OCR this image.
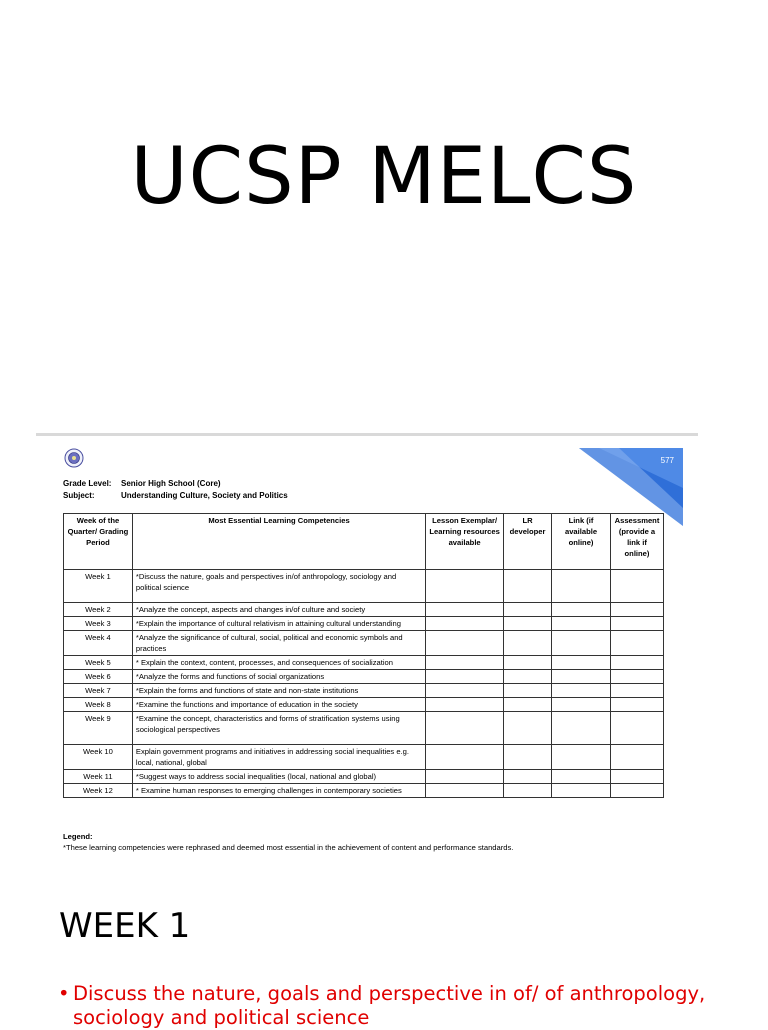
UCSP MELCS
577
Grade Level: Senior High School (Core)
Subject:	Understanding Culture, Society and Politics
Week of the Quarter/ Grading Period	Most Essential Learning Competencies	Lesson Exemplar/ Learning resources available	LR developer	Link (if available online)	Assessment (provide a link if online)
Week 1	*Discuss the nature, goals and perspectives in/of anthropology, sociology and political science				
Week 2	*Analyze the concept, aspects and changes in/of culture and society				
Week 3	*Explain the importance of cultural relativism in attaining cultural understanding				
Week 4	*Analyze the significance of cultural, social, political and economic symbols and practices				
Week 5	* Explain the context, content, processes, and consequences of socialization				
Week 6	*Analyze the forms and functions of social organizations				
Week 7	*Explain the forms and functions of state and non-state institutions				
Week 8	*Examine the functions and importance of education in the society				
Week 9	*Examine the concept, characteristics and forms of stratification systems using sociological perspectives				
Week 10	Explain government programs and initiatives in addressing social inequalities e.g. local, national, global				
Week 11	*Suggest ways to address social inequalities (local, national and global)				
Week 12	* Examine human responses to emerging challenges in contemporary societies				
Legend:
*These learning competencies were rephrased and deemed most essential in the achievement of content and performance standards.
WEEK 1
• Discuss the nature, goals and perspective in of/ of anthropology, sociology and political science
